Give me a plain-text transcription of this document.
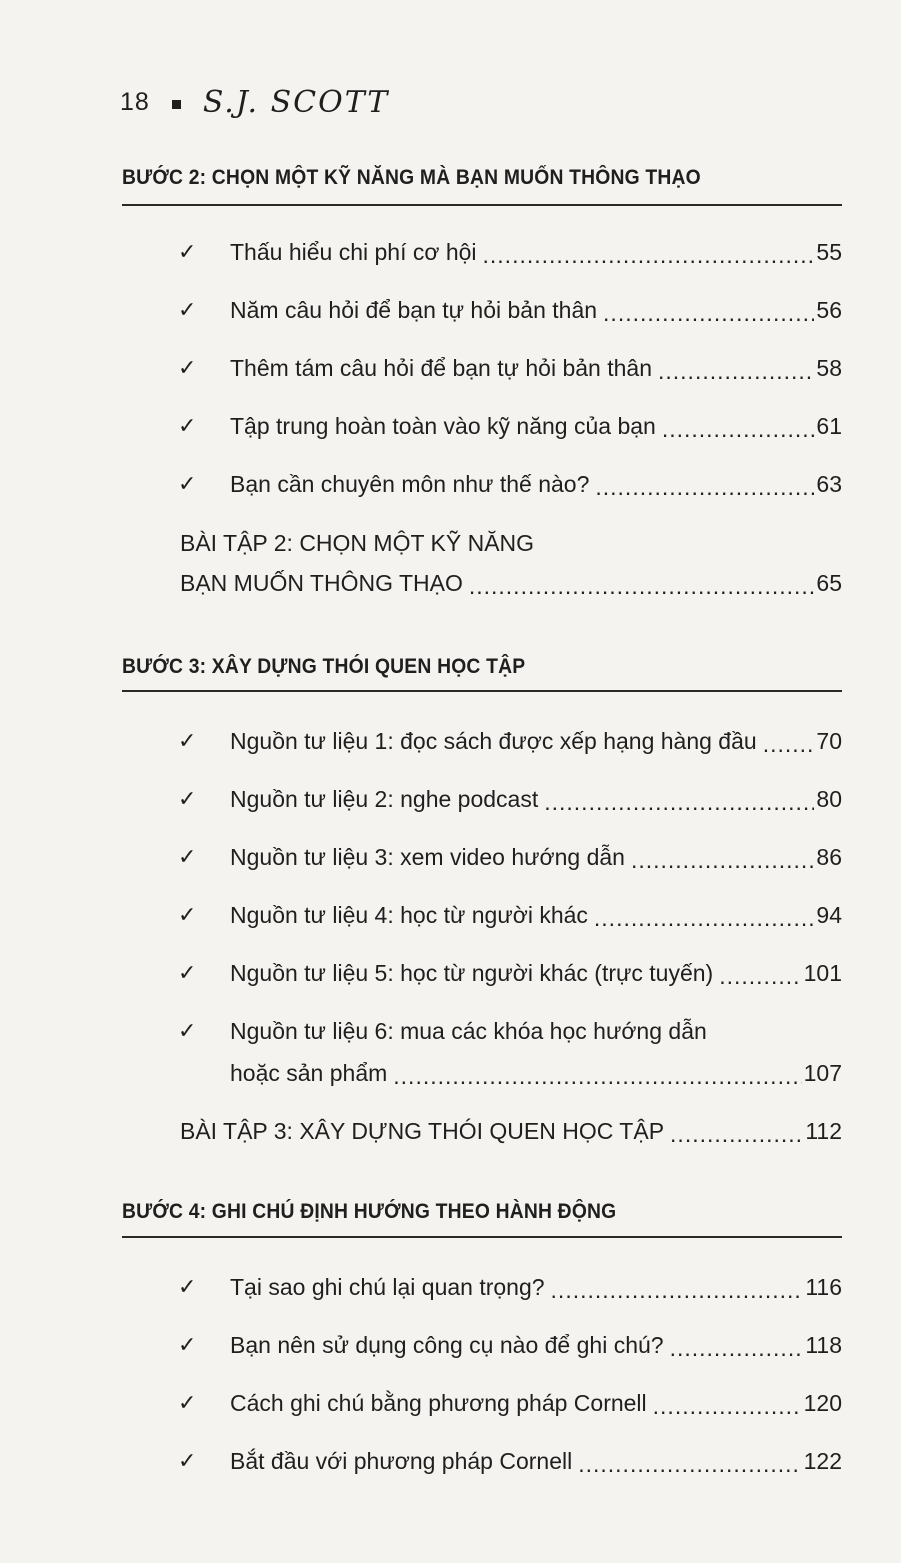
18 S.J. SCOTT
BƯỚC 2: CHỌN MỘT KỸ NĂNG MÀ BẠN MUỐN THÔNG THẠO
✓	Thấu hiểu chi phí cơ hội .....	55
✓	Năm câu hỏi để bạn tự hỏi bản thân .....	56
✓	Thêm tám câu hỏi để bạn tự hỏi bản thân .....	58
✓	Tập trung hoàn toàn vào kỹ năng của bạn .....	61
✓	Bạn cần chuyên môn như thế nào? .....	63
BÀI TẬP 2: CHỌN MỘT KỸ NĂNG
BẠN MUỐN THÔNG THẠO .....	65
BƯỚC 3: XÂY DỰNG THÓI QUEN HỌC TẬP
✓	Nguồn tư liệu 1: đọc sách được xếp hạng hàng đầu .....	70
✓	Nguồn tư liệu 2: nghe podcast .....	80
✓	Nguồn tư liệu 3: xem video hướng dẫn .....	86
✓	Nguồn tư liệu 4: học từ người khác .....	94
✓	Nguồn tư liệu 5: học từ người khác (trực tuyến) .....	101
✓	Nguồn tư liệu 6: mua các khóa học hướng dẫn
hoặc sản phẩm .....	107
BÀI TẬP 3: XÂY DỰNG THÓI QUEN HỌC TẬP .....	112
BƯỚC 4: GHI CHÚ ĐỊNH HƯỚNG THEO HÀNH ĐỘNG
✓	Tại sao ghi chú lại quan trọng? .....	116
✓	Bạn nên sử dụng công cụ nào để ghi chú? .....	118
✓	Cách ghi chú bằng phương pháp Cornell .....	120
✓	Bắt đầu với phương pháp Cornell .....	122
